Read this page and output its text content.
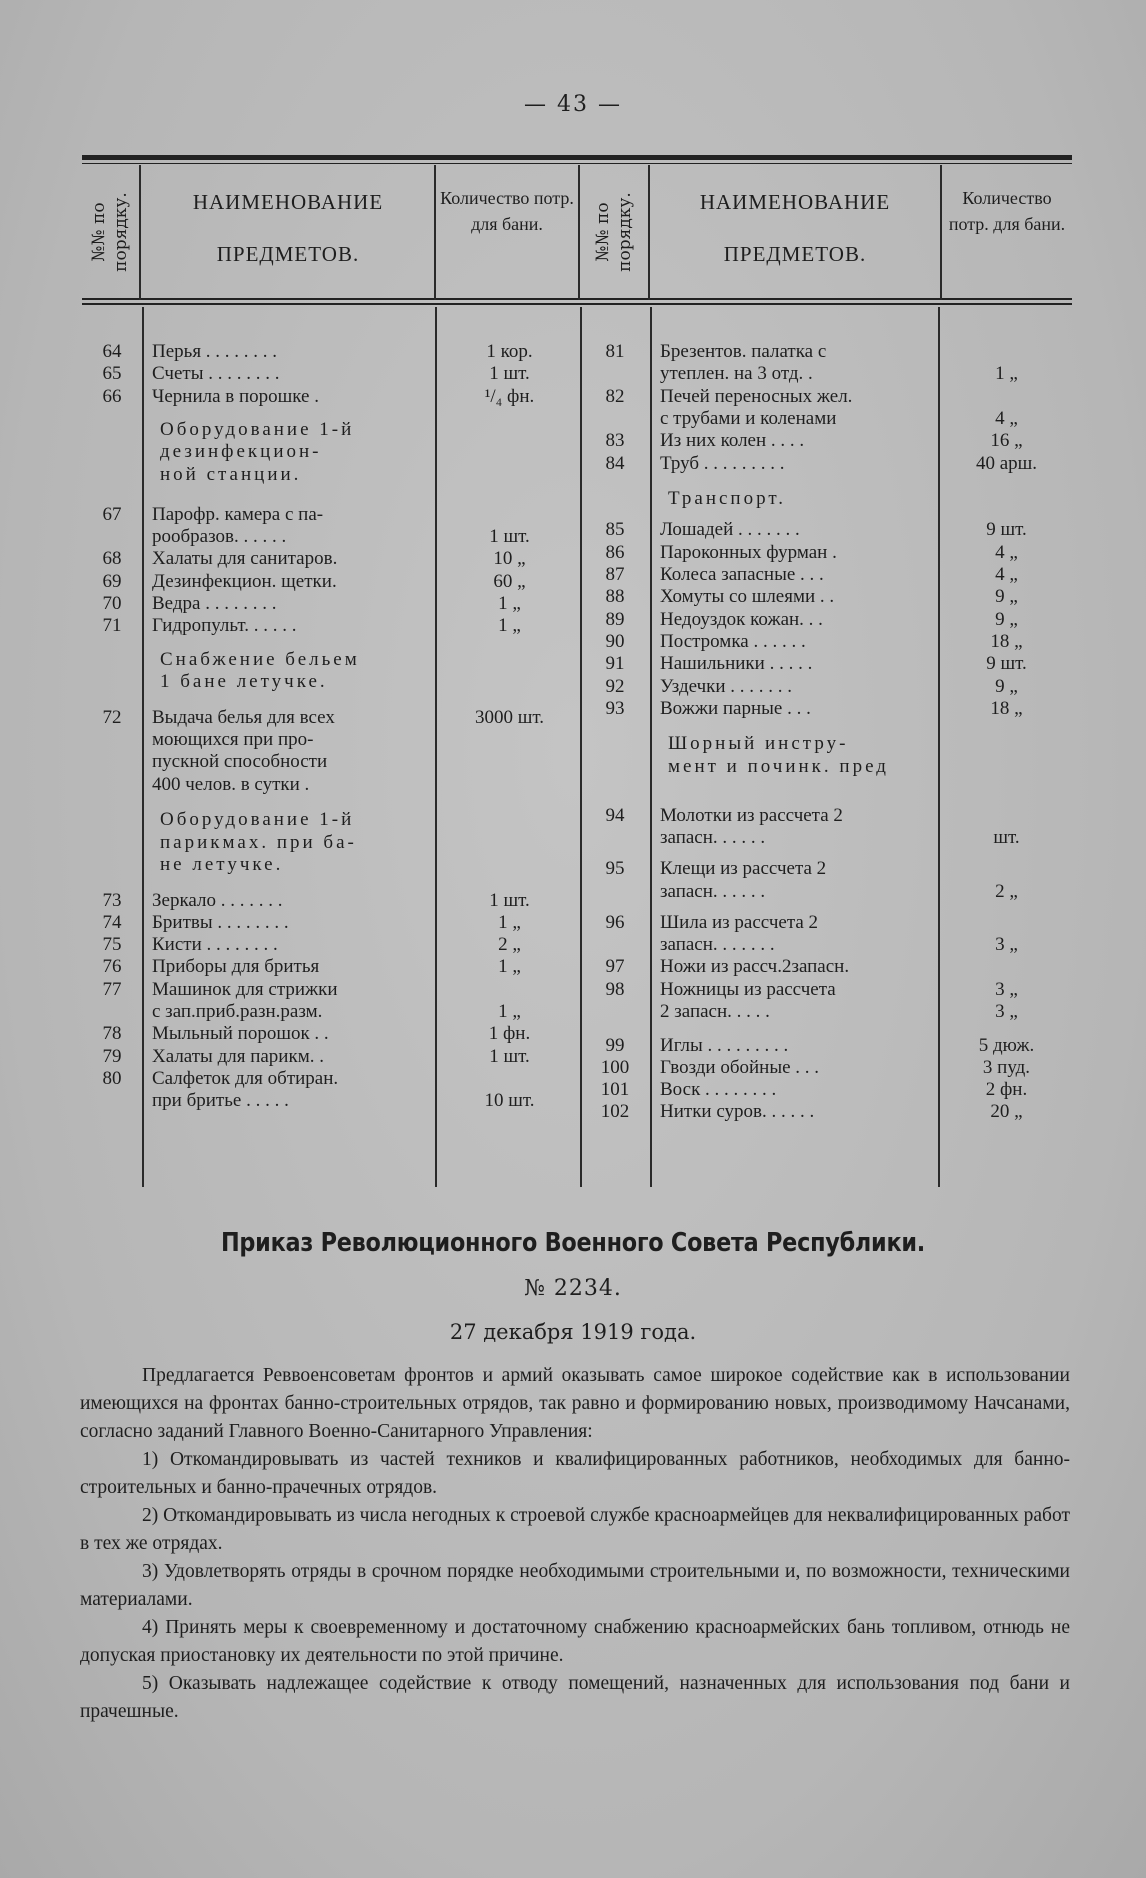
— 43 —
№№ по порядку.	НАИМЕНОВАНИЕ
ПРЕДМЕТОВ.
Количество потр. для бани.	№№ по порядку.	НАИМЕНОВАНИЕ
ПРЕДМЕТОВ.
Количество потр. для бани.
64	Перья . . . . . . . .	1 кор.
65	Счеты . . . . . . . .	1 шт.
66	Чернила в порошке .	¹/₄ фн.
Оборудование 1-й
дезинфекцион-
ной станции.
67	Парофр. камера с па-
рообразов. . . . . .	1 шт.
68	Халаты для санитаров.	10 „
69	Дезинфекцион. щетки.	60 „
70	Ведра . . . . . . . .	1 „
71	Гидропульт. . . . . .	1 „
Снабжение бельем
1 бане летучке.
72	Выдача белья для всех	3000 шт.
моющихся при про-
пускной способности
400 челов. в сутки .
Оборудование 1-й
парикмах. при ба-
не летучке.
73	Зеркало . . . . . . .	1 шт.
74	Бритвы . . . . . . . .	1 „
75	Кисти . . . . . . . .	2 „
76	Приборы для бритья	1 „
77	Машинок для стрижки
с зап.приб.разн.разм.	1 „
78	Мыльный порошок . .	1 фн.
79	Халаты для парикм. .	1 шт.
80	Салфеток для обтиран.
при бритье . . . . .	10 шт.
81	Брезентов. палатка с
утеплен. на 3 отд. .	1 „
82	Печей переносных жел.
с трубами и коленами	4 „
83	Из них колен . . . .	16 „
84	Труб . . . . . . . . .	40 арш.
Транспорт.
85	Лошадей . . . . . . .	9 шт.
86	Пароконных фурман .	4 „
87	Колеса запасные . . .	4 „
88	Хомуты со шлеями . .	9 „
89	Недоуздок кожан. . .	9 „
90	Постромка . . . . . .	18 „
91	Нашильники . . . . .	9 шт.
92	Уздечки . . . . . . .	9 „
93	Вожжи парные . . .	18 „
Шорный инстру-
мент и починк. пред
94	Молотки из рассчета 2
запасн. . . . . .	шт.
95	Клещи из рассчета 2
запасн. . . . . .	2 „
96	Шила из рассчета 2
запасн. . . . . . .	3 „
97	Ножи из рассч.2запасн.
98	Ножницы из рассчета	3 „
2 запасн. . . . .	3 „
99	Иглы . . . . . . . . .	5 дюж.
100	Гвозди обойные . . .	3 пуд.
101	Воск . . . . . . . .	2 фн.
102	Нитки суров. . . . . .	20 „
Приказ Революционного Военного Совета Республики.
№ 2234.
27 декабря 1919 года.

Предлагается Реввоенсоветам фронтов и армий оказывать самое широкое содействие как в использовании имеющихся на фронтах банно-строительных отрядов, так равно и формированию новых, производимому Начсанами, согласно заданий Главного Военно-Санитарного Управления:

1) Откомандировывать из частей техников и квалифицированных работников, необходимых для банно-строительных и банно-прачечных отрядов.

2) Откомандировывать из числа негодных к строевой службе красноармейцев для неквалифицированных работ в тех же отрядах.

3) Удовлетворять отряды в срочном порядке необходимыми строительными и, по возможности, техническими материалами.

4) Принять меры к своевременному и достаточному снабжению красноармейских бань топливом, отнюдь не допуская приостановку их деятельности по этой причине.

5) Оказывать надлежащее содействие к отводу помещений, назначенных для использования под бани и прачешные.
